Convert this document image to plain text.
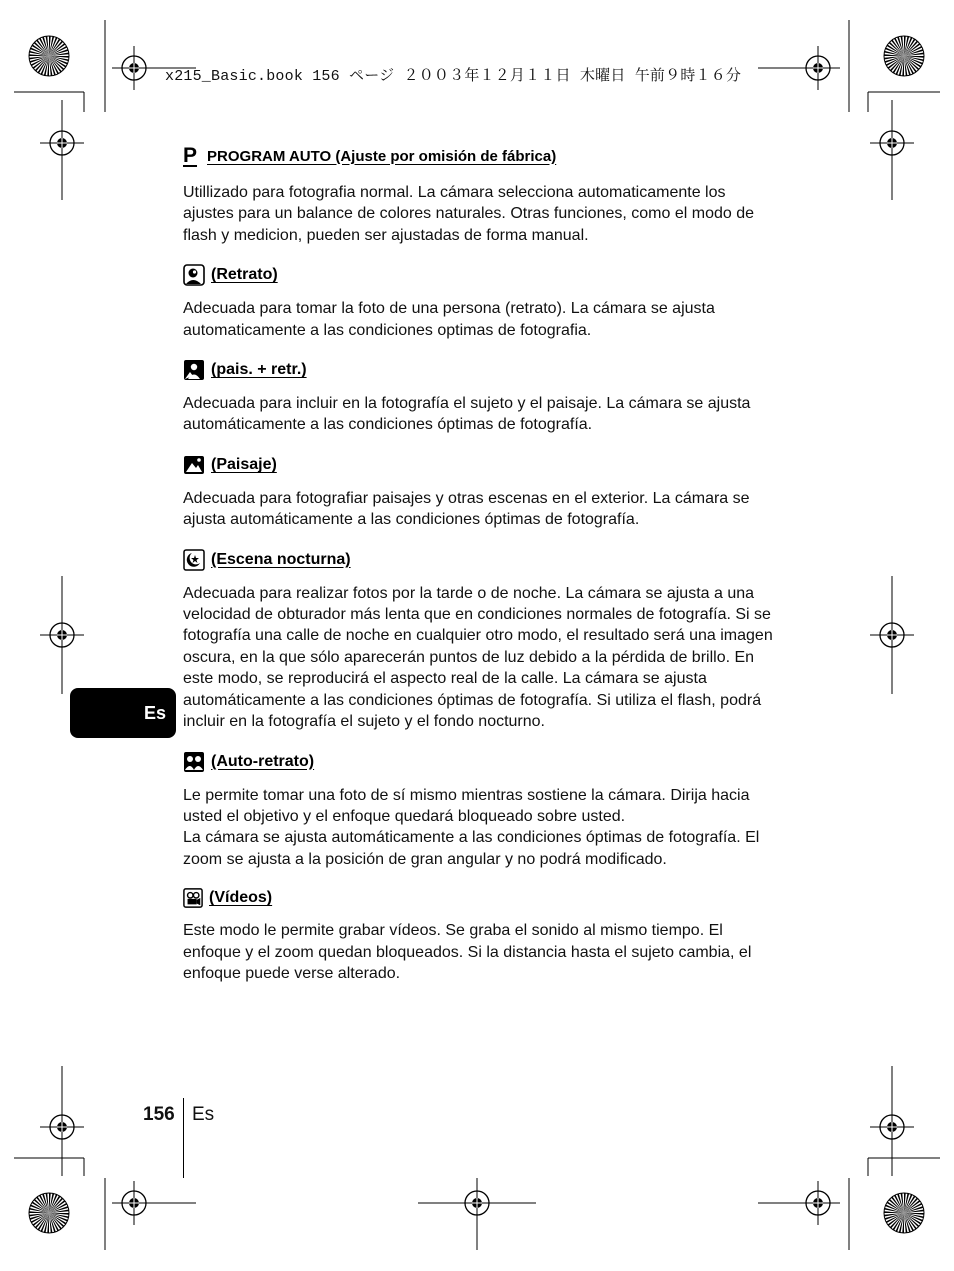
x215_Basic.book 156 ページ ２００３年１２月１１日 木曜日 午前９時１６分
P PROGRAM AUTO (Ajuste por omisión de fábrica)

Utillizado para fotografia normal. La cámara selecciona automaticamente los ajustes para un balance de colores naturales. Otras funciones, como el modo de flash y medicion, pueden ser ajustadas de forma manual.

(Retrato)

Adecuada para tomar la foto de una persona (retrato). La cámara se ajusta automaticamente a las condiciones optimas de fotografia.

(pais. + retr.)

Adecuada para incluir en la fotografía el sujeto y el paisaje. La cámara se ajusta automáticamente a las condiciones óptimas de fotografía.

(Paisaje)

Adecuada para fotografiar paisajes y otras escenas en el exterior. La cámara se ajusta automáticamente a las condiciones óptimas de fotografía.

(Escena nocturna)

Adecuada para realizar fotos por la tarde o de noche. La cámara se ajusta a una velocidad de obturador más lenta que en condiciones normales de fotografía. Si se fotografía una calle de noche en cualquier otro modo, el resultado será una imagen oscura, en la que sólo aparecerán puntos de luz debido a la pérdida de brillo. En este modo, se reproducirá el aspecto real de la calle. La cámara se ajusta automáticamente a las condiciones óptimas de fotografía. Si utiliza el flash, podrá incluir en la fotografía el sujeto y el fondo nocturno.

(Auto-retrato)

Le permite tomar una foto de sí mismo mientras sostiene la cámara. Dirija hacia usted el objetivo y el enfoque quedará bloqueado sobre usted.
La cámara se ajusta automáticamente a las condiciones óptimas de fotografía. El zoom se ajusta a la posición de gran angular y no podrá modificado.

(Vídeos)

Este modo le permite grabar vídeos. Se graba el sonido al mismo tiempo. El enfoque y el zoom quedan bloqueados. Si la distancia hasta el sujeto cambia, el enfoque puede verse alterado.

Es
156 Es
